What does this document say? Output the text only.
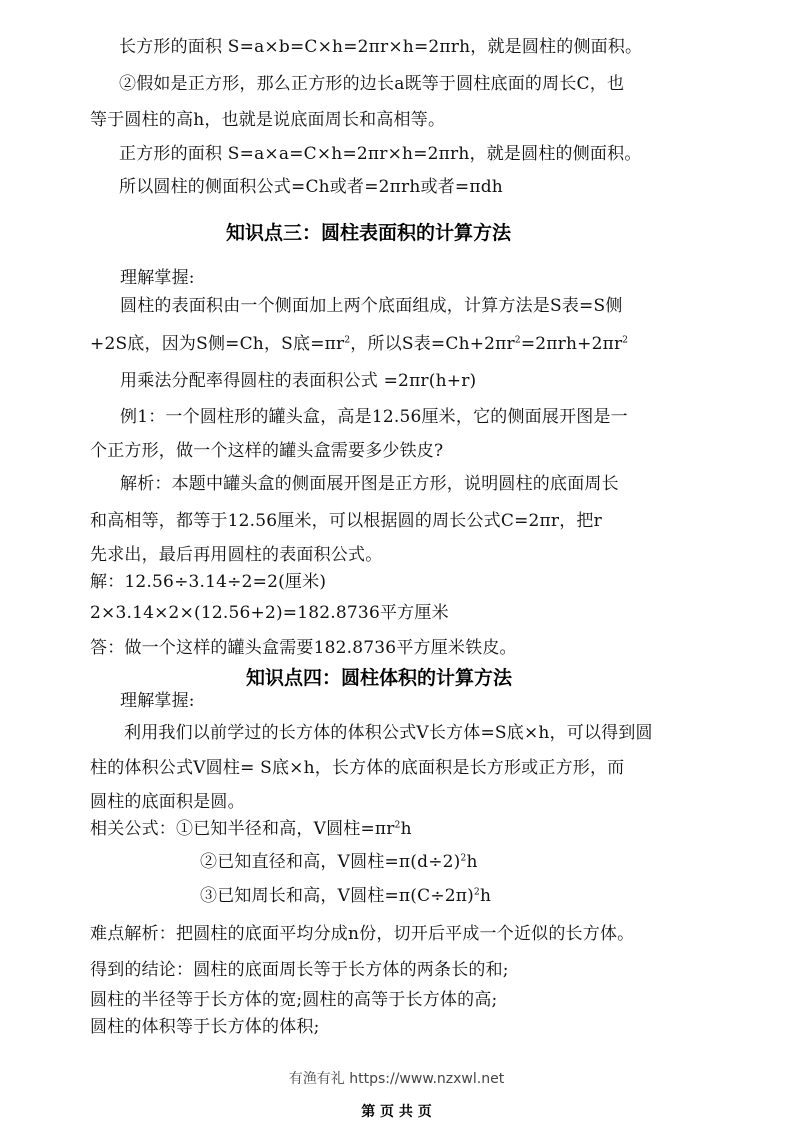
长方形的面积 S=a×b=C×h=2πr×h=2πrh，就是圆柱的侧面积。
②假如是正方形，那么正方形的边长a既等于圆柱底面的周长C，也
等于圆柱的高h，也就是说底面周长和高相等。
正方形的面积 S=a×a=C×h=2πr×h=2πrh，就是圆柱的侧面积。
所以圆柱的侧面积公式=Ch或者=2πrh或者=πdh
知识点三：圆柱表面积的计算方法
理解掌握:
圆柱的表面积由一个侧面加上两个底面组成，计算方法是S表=S侧
+2S底，因为S侧=Ch，S底$=\pi r^2$，所以S表$=Ch+2\pi r^2=2\pi rh+2\pi r^2$
用乘法分配率得圆柱的表面积公式 =2πr(h+r)
例1：一个圆柱形的罐头盒，高是12.56厘米，它的侧面展开图是一
个正方形，做一个这样的罐头盒需要多少铁皮?
解析：本题中罐头盒的侧面展开图是正方形，说明圆柱的底面周长
和高相等，都等于12.56厘米，可以根据圆的周长公式C=2πr，把r
先求出，最后再用圆柱的表面积公式。
解：12.56÷3.14÷2=2(厘米)
2×3.14×2×(12.56+2)=182.8736平方厘米
答：做一个这样的罐头盒需要182.8736平方厘米铁皮。
知识点四：圆柱体积的计算方法
理解掌握:
利用我们以前学过的长方体的体积公式V长方体=S底×h，可以得到圆
柱的体积公式V圆柱= S底×h，长方体的底面积是长方形或正方形，而
圆柱的底面积是圆。
相关公式：①已知半径和高，V圆柱$=\pi r^2h$
②已知直径和高，V圆柱$=\pi(d\div 2)^2h$
③已知周长和高，V圆柱$=\pi(C\div 2\pi)^2h$
难点解析：把圆柱的底面平均分成n份，切开后平成一个近似的长方体。
得到的结论：圆柱的底面周长等于长方体的两条长的和;
圆柱的半径等于长方体的宽;圆柱的高等于长方体的高;
圆柱的体积等于长方体的体积;
有渔有礼 https://www.nzxwl.net
第 页 共 页
